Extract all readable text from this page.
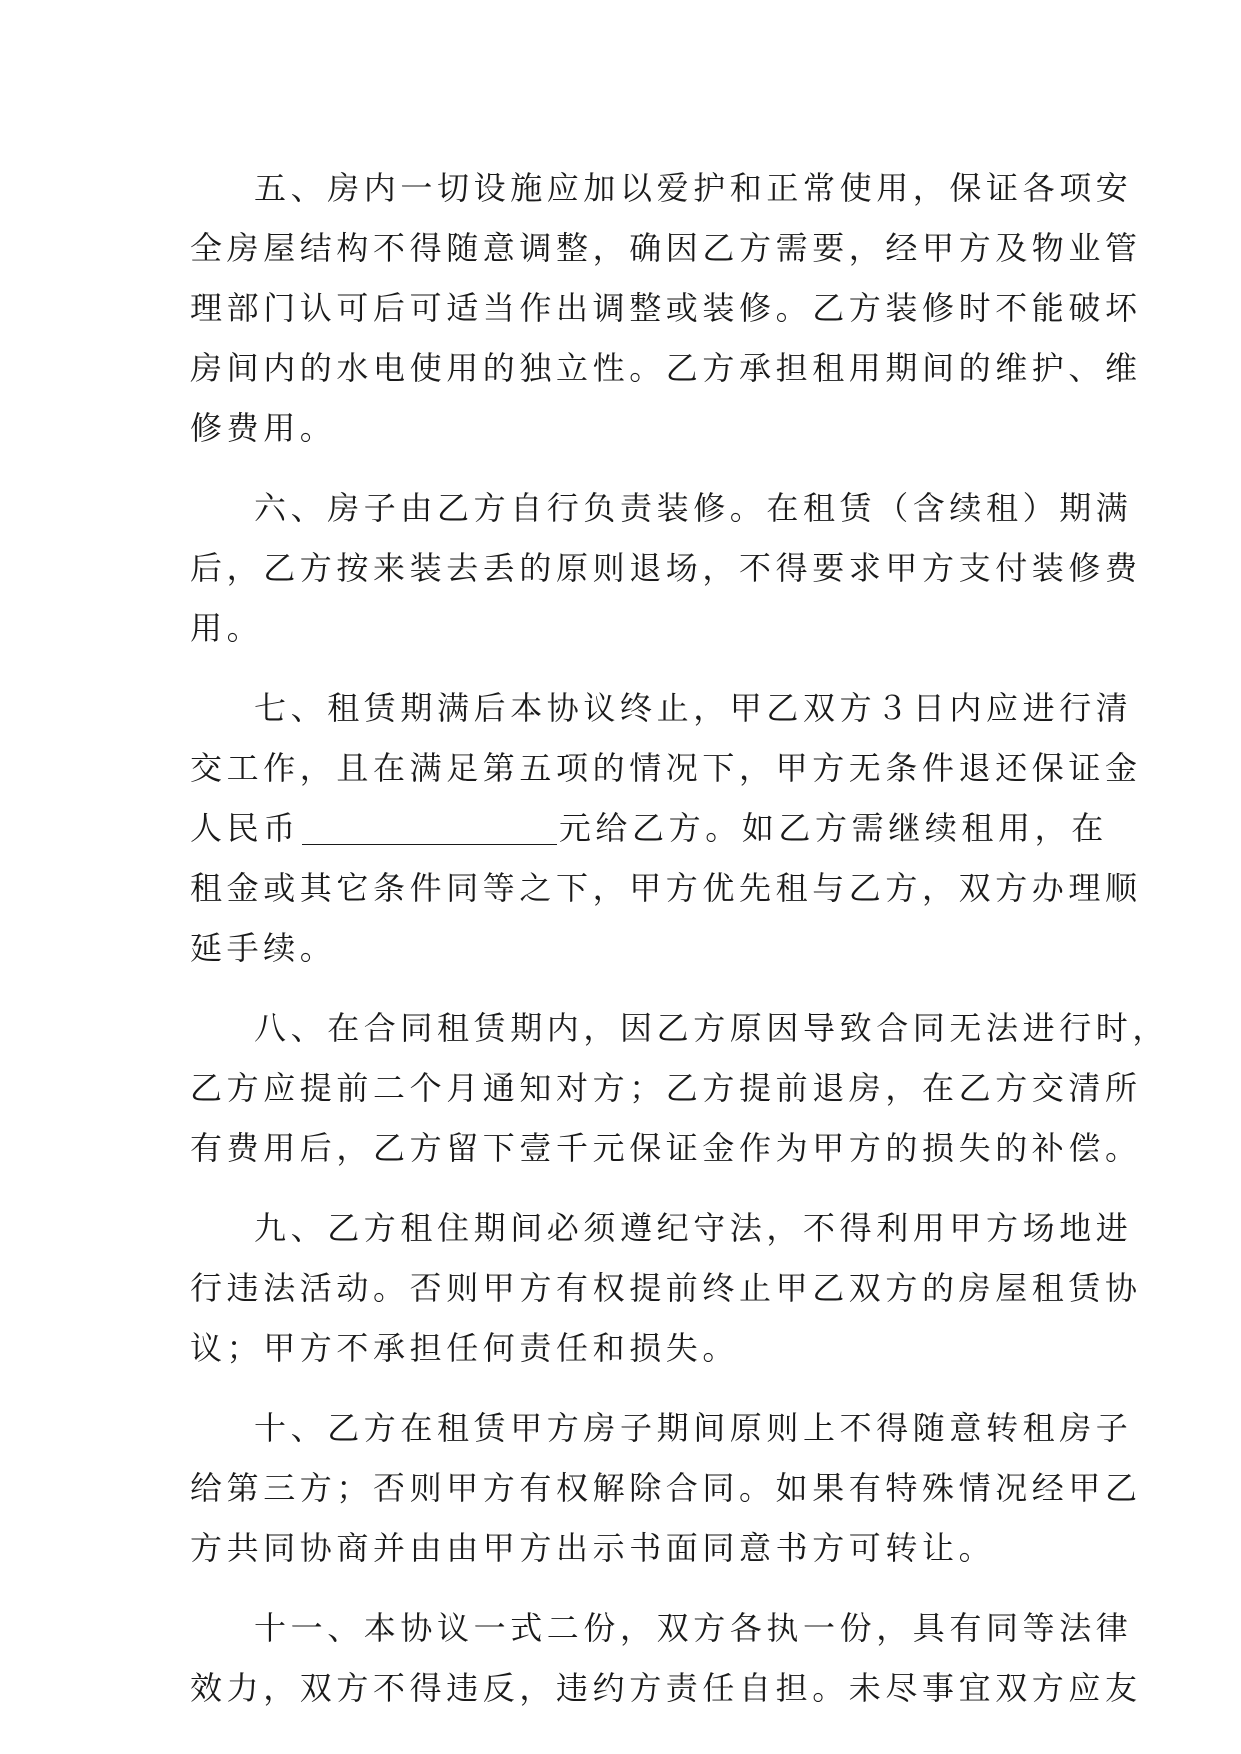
五、房内一切设施应加以爱护和正常使用，保证各项安
全房屋结构不得随意调整，确因乙方需要，经甲方及物业管
理部门认可后可适当作出调整或装修。乙方装修时不能破坏
房间内的水电使用的独立性。乙方承担租用期间的维护、维
修费用。
六、房子由乙方自行负责装修。在租赁（含续租）期满
后，乙方按来装去丢的原则退场，不得要求甲方支付装修费
用。
七、租赁期满后本协议终止，甲乙双方３日内应进行清
交工作，且在满足第五项的情况下，甲方无条件退还保证金
人民币	元给乙方。如乙方需继续租用，在
租金或其它条件同等之下，甲方优先租与乙方，双方办理顺
延手续。
八、在合同租赁期内，因乙方原因导致合同无法进行时，
乙方应提前二个月通知对方；乙方提前退房，在乙方交清所
有费用后，乙方留下壹千元保证金作为甲方的损失的补偿。
九、乙方租住期间必须遵纪守法，不得利用甲方场地进
行违法活动。否则甲方有权提前终止甲乙双方的房屋租赁协
议；甲方不承担任何责任和损失。
十、乙方在租赁甲方房子期间原则上不得随意转租房子
给第三方；否则甲方有权解除合同。如果有特殊情况经甲乙
方共同协商并由由甲方出示书面同意书方可转让。
十一、本协议一式二份，双方各执一份，具有同等法律
效力，双方不得违反，违约方责任自担。未尽事宜双方应友
